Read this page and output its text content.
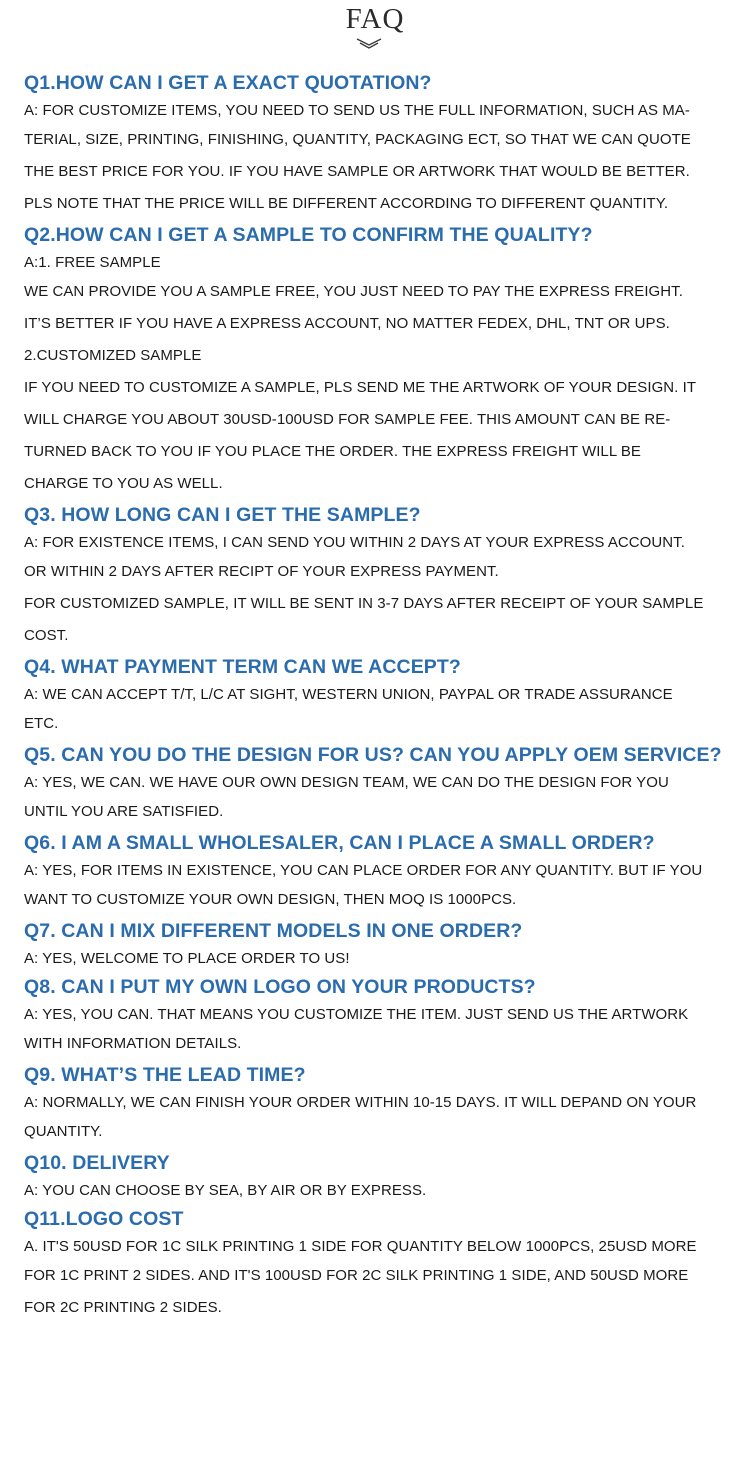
FAQ
Q1.HOW CAN I GET A EXACT QUOTATION?
A: FOR CUSTOMIZE ITEMS, YOU NEED TO SEND US THE FULL INFORMATION, SUCH AS MA-
TERIAL, SIZE, PRINTING, FINISHING, QUANTITY, PACKAGING ECT, SO THAT WE CAN QUOTE
THE BEST PRICE FOR YOU. IF YOU HAVE SAMPLE OR ARTWORK THAT WOULD BE BETTER.
PLS NOTE THAT THE PRICE WILL BE DIFFERENT ACCORDING TO DIFFERENT QUANTITY.
Q2.HOW CAN I GET A SAMPLE TO CONFIRM THE QUALITY?
A:1. FREE SAMPLE
WE CAN PROVIDE YOU A SAMPLE FREE, YOU JUST NEED TO PAY THE EXPRESS FREIGHT.
IT’S BETTER IF YOU HAVE A EXPRESS ACCOUNT, NO MATTER FEDEX, DHL, TNT OR UPS.
2.CUSTOMIZED SAMPLE
IF YOU NEED TO CUSTOMIZE A SAMPLE, PLS SEND ME THE ARTWORK OF YOUR DESIGN. IT
WILL CHARGE YOU ABOUT 30USD-100USD FOR SAMPLE FEE. THIS AMOUNT CAN BE RE-
TURNED BACK TO YOU IF YOU PLACE THE ORDER. THE EXPRESS FREIGHT WILL BE
CHARGE TO YOU AS WELL.
Q3. HOW LONG CAN I GET THE SAMPLE?
A: FOR EXISTENCE ITEMS, I CAN SEND YOU WITHIN 2 DAYS AT YOUR EXPRESS ACCOUNT.
OR WITHIN 2 DAYS AFTER RECIPT OF YOUR EXPRESS PAYMENT.
FOR CUSTOMIZED SAMPLE, IT WILL BE SENT IN 3-7 DAYS AFTER RECEIPT OF YOUR SAMPLE
COST.
Q4. WHAT PAYMENT TERM CAN WE ACCEPT?
A: WE CAN ACCEPT T/T, L/C AT SIGHT, WESTERN UNION, PAYPAL OR TRADE ASSURANCE
ETC.
Q5. CAN YOU DO THE DESIGN FOR US? CAN YOU APPLY OEM SERVICE?
A: YES, WE CAN. WE HAVE OUR OWN DESIGN TEAM, WE CAN DO THE DESIGN FOR YOU
UNTIL YOU ARE SATISFIED.
Q6. I AM A SMALL WHOLESALER, CAN I PLACE A SMALL ORDER?
A: YES, FOR ITEMS IN EXISTENCE, YOU CAN PLACE ORDER FOR ANY QUANTITY. BUT IF YOU
WANT TO CUSTOMIZE YOUR OWN DESIGN, THEN MOQ IS 1000PCS.
Q7. CAN I MIX DIFFERENT MODELS IN ONE ORDER?
A: YES, WELCOME TO PLACE ORDER TO US!
Q8. CAN I PUT MY OWN LOGO ON YOUR PRODUCTS?
A: YES, YOU CAN. THAT MEANS YOU CUSTOMIZE THE ITEM. JUST SEND US THE ARTWORK
WITH INFORMATION DETAILS.
Q9. WHAT’S THE LEAD TIME?
A: NORMALLY, WE CAN FINISH YOUR ORDER WITHIN 10-15 DAYS. IT WILL DEPAND ON YOUR
QUANTITY.
Q10. DELIVERY
A: YOU CAN CHOOSE BY SEA, BY AIR OR BY EXPRESS.
Q11.LOGO COST
A. IT'S 50USD FOR 1C SILK PRINTING 1 SIDE FOR QUANTITY BELOW 1000PCS, 25USD MORE
FOR 1C PRINT 2 SIDES. AND IT'S 100USD FOR 2C SILK PRINTING 1 SIDE, AND 50USD MORE
FOR 2C PRINTING 2 SIDES.
